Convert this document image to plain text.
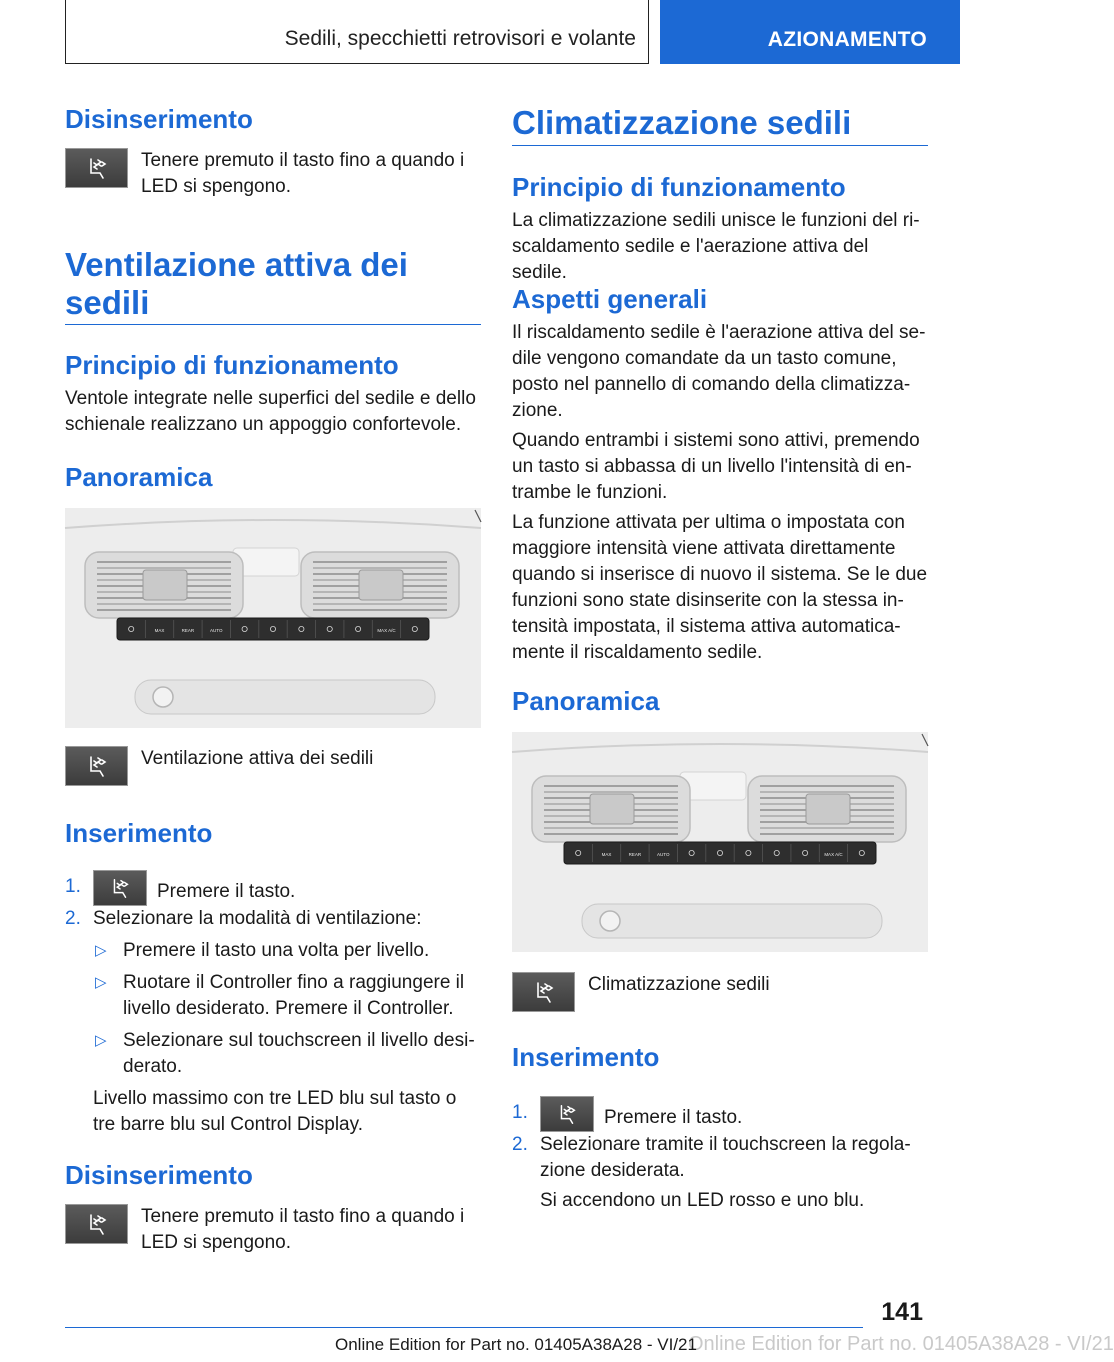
Sedili, specchietti retrovisori e volante	AZIONAMENTO
Disinserimento
Tenere premuto il tasto fino a quando i LED si spengono.
Ventilazione attiva dei sedili
Principio di funzionamento
Ventole integrate nelle superfici del sedile e dello schienale realizzano un appoggio confortevole.
Panoramica
MAX	REAR	AUTO	MAX A/C
Ventilazione attiva dei sedili
Inserimento
1.	Premere il tasto.
2. Selezionare la modalità di ventilazione:
▷ Premere il tasto una volta per livello.
▷ Ruotare il Controller fino a raggiungere il livello desiderato. Premere il Controller.
▷ Selezionare sul touchscreen il livello desi‐derato.
Livello massimo con tre LED blu sul tasto o tre barre blu sul Control Display.
Disinserimento
Tenere premuto il tasto fino a quando i LED si spengono.
Climatizzazione sedili
Principio di funzionamento
La climatizzazione sedili unisce le funzioni del ri‐scaldamento sedile e l'aerazione attiva del sedile.
Aspetti generali
Il riscaldamento sedile è l'aerazione attiva del se‐dile vengono comandate da un tasto comune, posto nel pannello di comando della climatizza‐zione.
Quando entrambi i sistemi sono attivi, premendo un tasto si abbassa di un livello l'intensità di en‐trambe le funzioni.
La funzione attivata per ultima o impostata con maggiore intensità viene attivata direttamente quando si inserisce di nuovo il sistema. Se le due funzioni sono state disinserite con la stessa in‐tensità impostata, il sistema attiva automatica‐mente il riscaldamento sedile.
Panoramica
MAX	REAR	AUTO	MAX A/C
Climatizzazione sedili
Inserimento
1.	Premere il tasto.
2. Selezionare tramite il touchscreen la regola‐zione desiderata.
Si accendono un LED rosso e uno blu.
141
Online Edition for Part no. 01405A38A28 - VI/21
Online Edition for Part no. 01405A38A28 - VI/21
